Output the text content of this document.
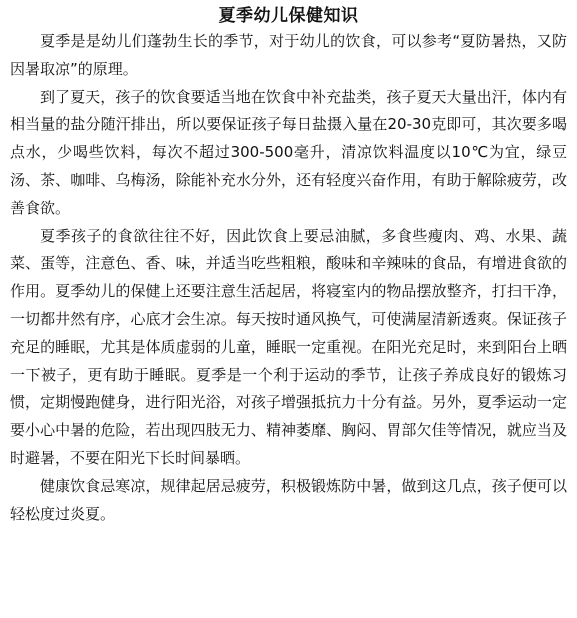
夏季幼儿保健知识

夏季是是幼儿们蓬勃生长的季节，对于幼儿的饮食，可以参考“夏防暑热，又防因暑取凉”的原理。

到了夏天，孩子的饮食要适当地在饮食中补充盐类，孩子夏天大量出汗，体内有相当量的盐分随汗排出，所以要保证孩子每日盐摄入量在20-30克即可，其次要多喝点水，少喝些饮料，每次不超过300-500毫升，清凉饮料温度以10℃为宜，绿豆汤、茶、咖啡、乌梅汤，除能补充水分外，还有轻度兴奋作用，有助于解除疲劳，改善食欲。

夏季孩子的食欲往往不好，因此饮食上要忌油腻，多食些瘦肉、鸡、水果、蔬菜、蛋等，注意色、香、味，并适当吃些粗粮，酸味和辛辣味的食品，有增进食欲的作用。夏季幼儿的保健上还要注意生活起居，将寝室内的物品摆放整齐，打扫干净，一切都井然有序，心底才会生凉。每天按时通风换气，可使满屋清新透爽。保证孩子充足的睡眠，尤其是体质虚弱的儿童，睡眠一定重视。在阳光充足时，来到阳台上晒一下被子，更有助于睡眠。夏季是一个利于运动的季节，让孩子养成良好的锻炼习惯，定期慢跑健身，进行阳光浴，对孩子增强抵抗力十分有益。另外，夏季运动一定要小心中暑的危险，若出现四肢无力、精神萎靡、胸闷、胃部欠佳等情况，就应当及时避暑，不要在阳光下长时间暴晒。

健康饮食忌寒凉，规律起居忌疲劳，积极锻炼防中暑，做到这几点，孩子便可以轻松度过炎夏。
